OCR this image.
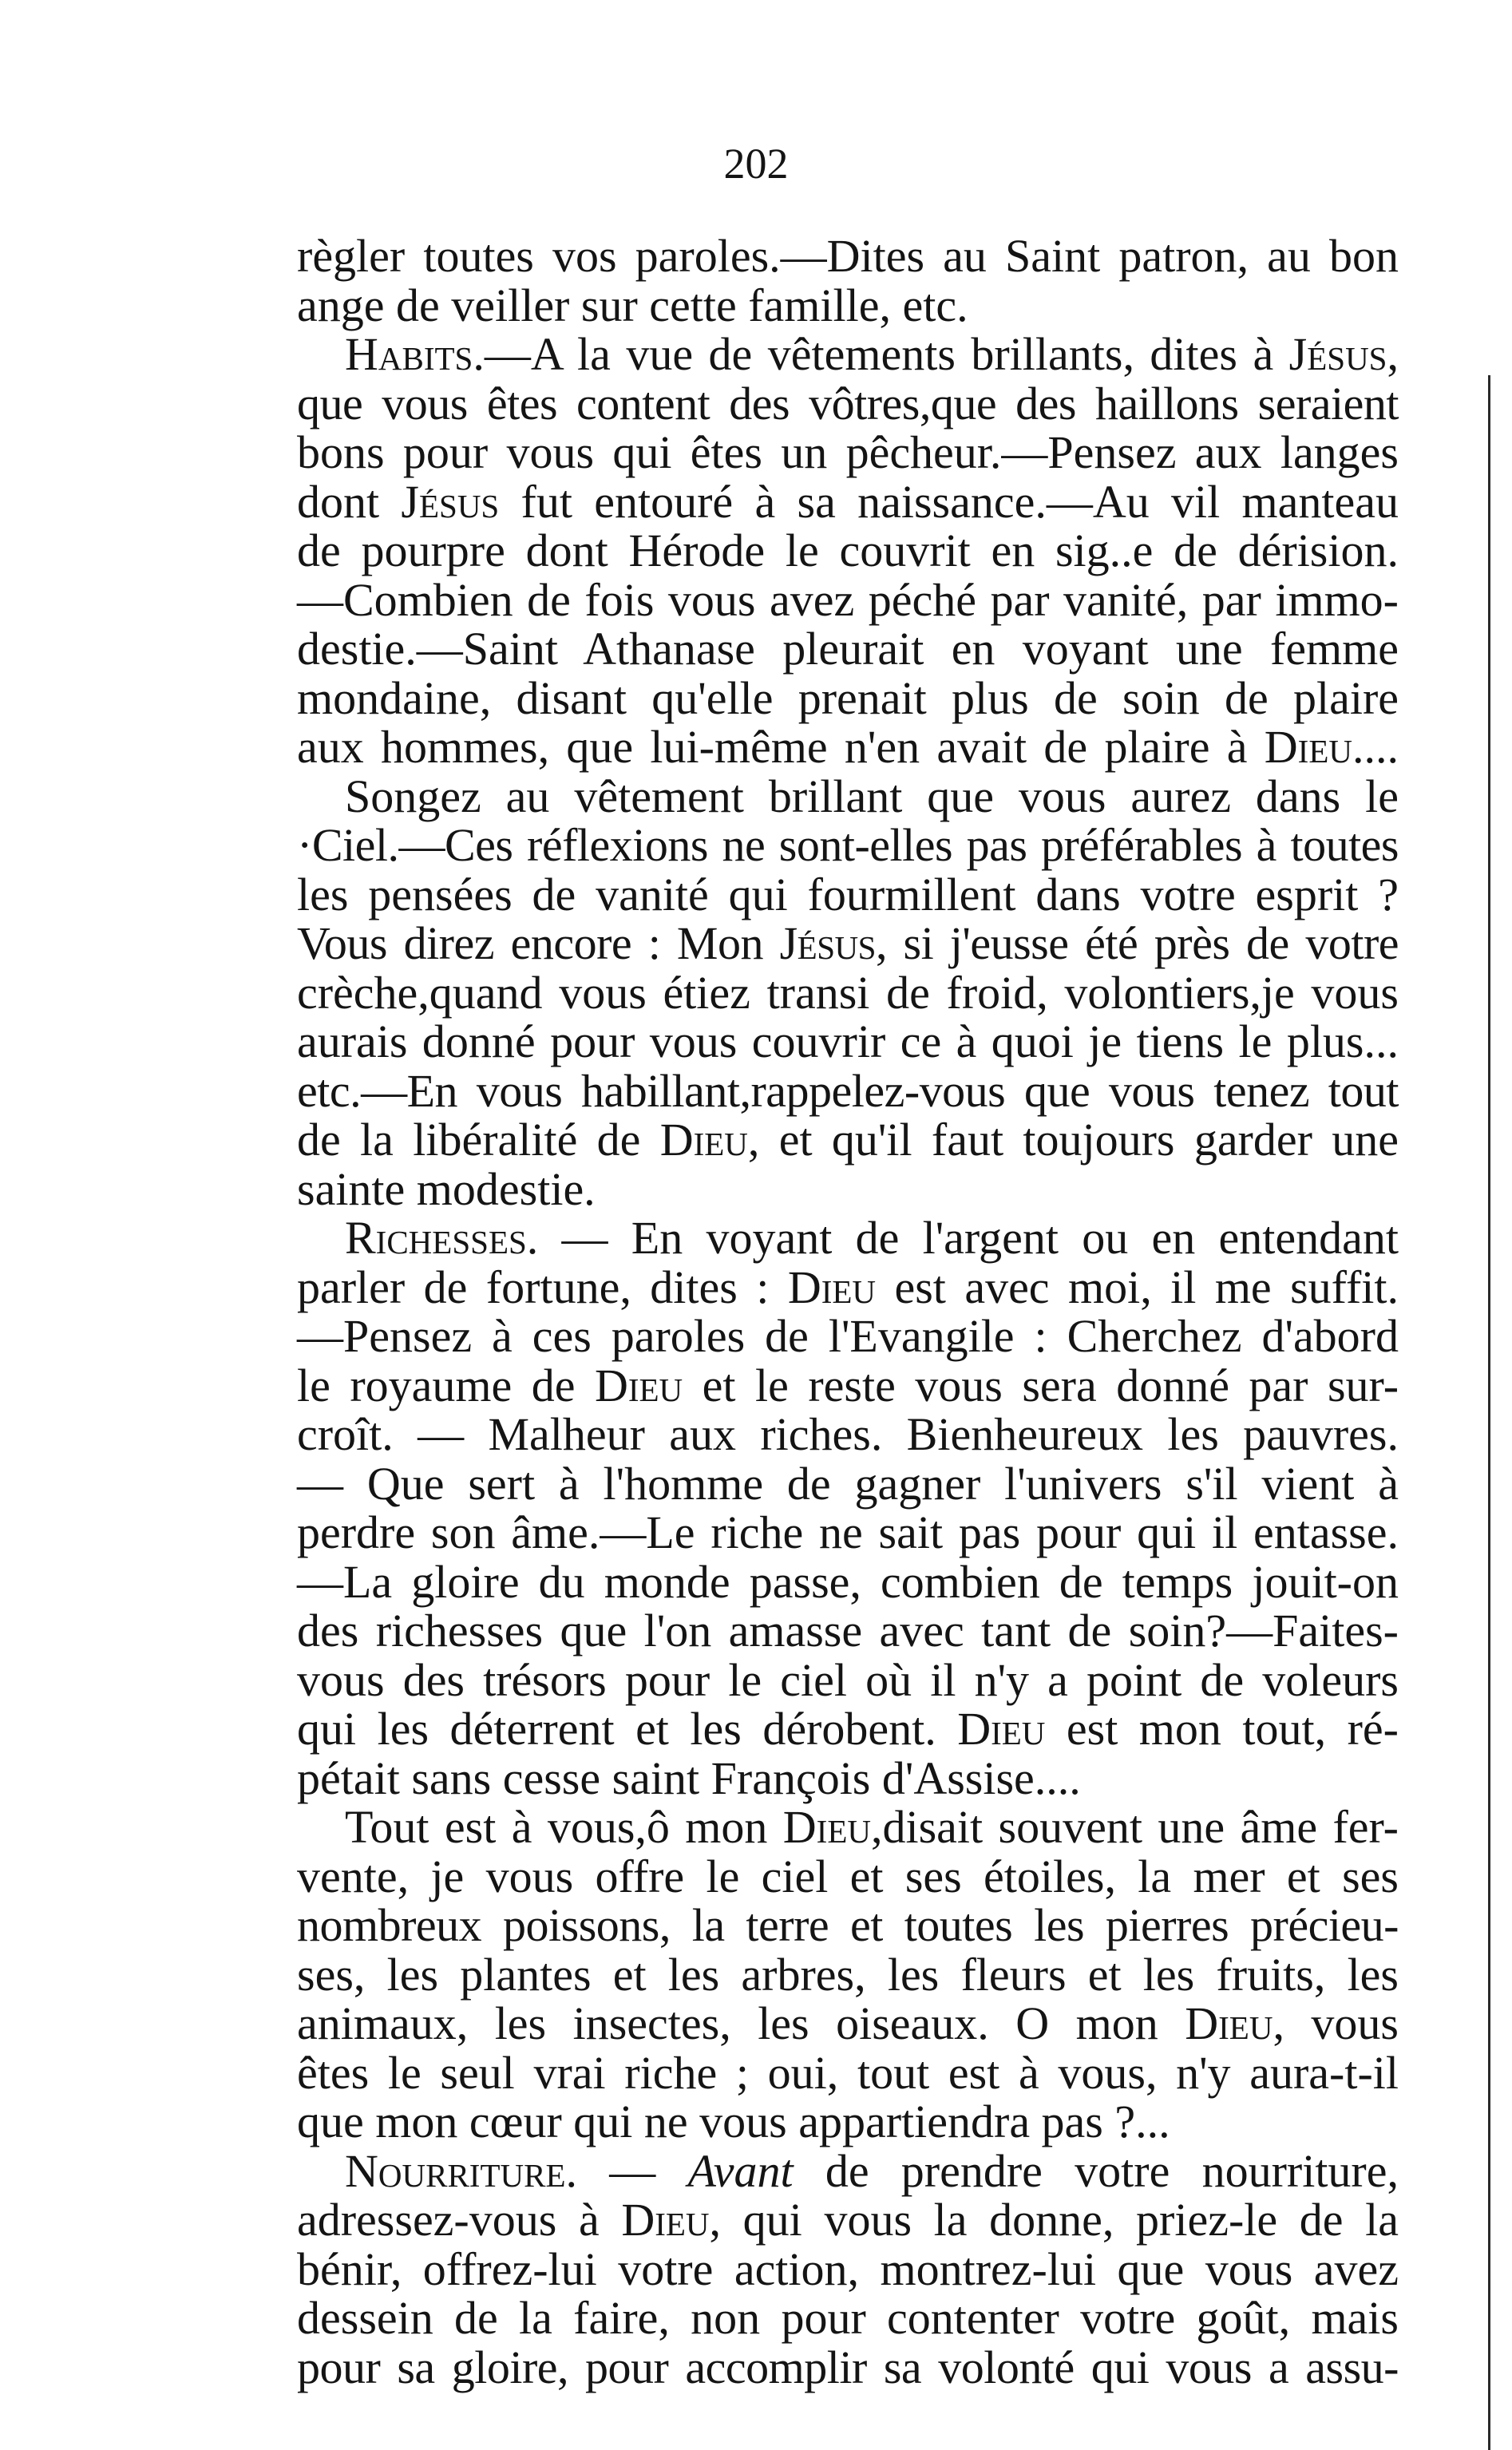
202
règler toutes vos paroles.—Dites au Saint patron, au bon
ange de veiller sur cette famille, etc.
Habits.—A la vue de vêtements brillants, dites à Jésus,
que vous êtes content des vôtres,que des haillons seraient
bons pour vous qui êtes un pêcheur.—Pensez aux langes
dont Jésus fut entouré à sa naissance.—Au vil manteau
de pourpre dont Hérode le couvrit en sig..e de dérision.
—Combien de fois vous avez péché par vanité, par immo-
destie.—Saint Athanase pleurait en voyant une femme
mondaine, disant qu'elle prenait plus de soin de plaire
aux hommes, que lui-même n'en avait de plaire à Dieu....
Songez au vêtement brillant que vous aurez dans le
·Ciel.—Ces réflexions ne sont-elles pas préférables à toutes
les pensées de vanité qui fourmillent dans votre esprit ?
Vous direz encore : Mon Jésus, si j'eusse été près de votre
crèche,quand vous étiez transi de froid, volontiers,je vous
aurais donné pour vous couvrir ce à quoi je tiens le plus...
etc.—En vous habillant,rappelez-vous que vous tenez tout
de la libéralité de Dieu, et qu'il faut toujours garder une
sainte modestie.
Richesses. — En voyant de l'argent ou en entendant
parler de fortune, dites : Dieu est avec moi, il me suffit.
—Pensez à ces paroles de l'Evangile : Cherchez d'abord
le royaume de Dieu et le reste vous sera donné par sur-
croît. — Malheur aux riches. Bienheureux les pauvres.
— Que sert à l'homme de gagner l'univers s'il vient à
perdre son âme.—Le riche ne sait pas pour qui il entasse.
—La gloire du monde passe, combien de temps jouit-on
des richesses que l'on amasse avec tant de soin?—Faites-
vous des trésors pour le ciel où il n'y a point de voleurs
qui les déterrent et les dérobent. Dieu est mon tout, ré-
pétait sans cesse saint François d'Assise....
Tout est à vous,ô mon Dieu,disait souvent une âme fer-
vente, je vous offre le ciel et ses étoiles, la mer et ses
nombreux poissons, la terre et toutes les pierres précieu-
ses, les plantes et les arbres, les fleurs et les fruits, les
animaux, les insectes, les oiseaux. O mon Dieu, vous
êtes le seul vrai riche ; oui, tout est à vous, n'y aura-t-il
que mon cœur qui ne vous appartiendra pas ?...
Nourriture. — Avant de prendre votre nourriture,
adressez-vous à Dieu, qui vous la donne, priez-le de la
bénir, offrez-lui votre action, montrez-lui que vous avez
dessein de la faire, non pour contenter votre goût, mais
pour sa gloire, pour accomplir sa volonté qui vous a assu-
